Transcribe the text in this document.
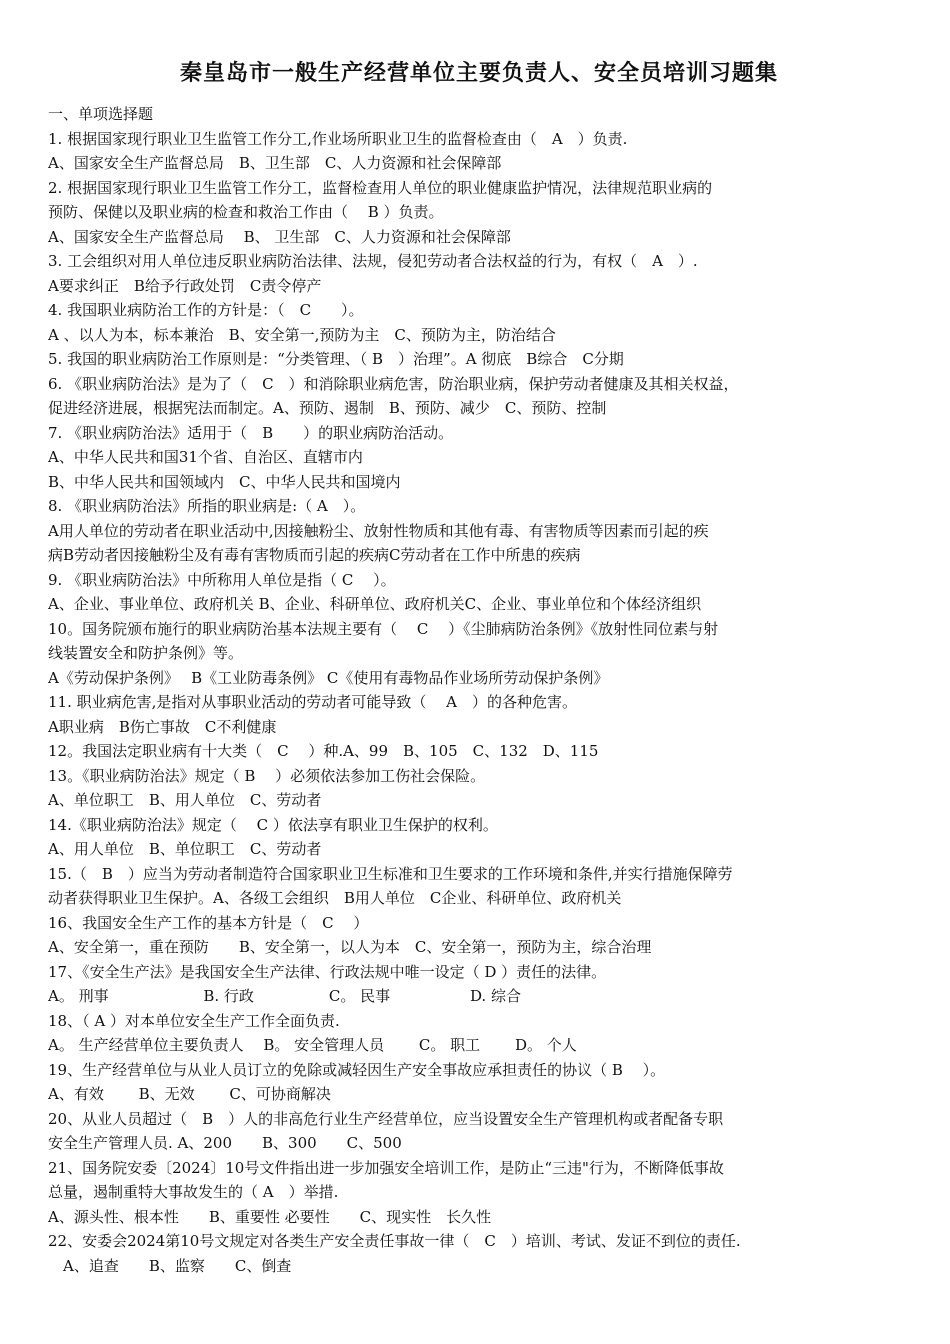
秦皇岛市一般生产经营单位主要负责人、安全员培训习题集
一、单项选择题
1. 根据国家现行职业卫生监管工作分工,作业场所职业卫生的监督检查由（　A　）负责.
A、国家安全生产监督总局　B、卫生部　C、人力资源和社会保障部
2. 根据国家现行职业卫生监管工作分工，监督检查用人单位的职业健康监护情况，法律规范职业病的
预防、保健以及职业病的检查和救治工作由（　 B ）负责。
A、国家安全生产监督总局　 B、 卫生部　C、人力资源和社会保障部
3. 工会组织对用人单位违反职业病防治法律、法规，侵犯劳动者合法权益的行为，有权（　A　）.
A要求纠正　B给予行政处罚　C责令停产
4. 我国职业病防治工作的方针是：（　C　　）。
A 、以人为本，标本兼治　B、安全第一,预防为主　C、预防为主，防治结合
5. 我国的职业病防治工作原则是：“分类管理、（ B　）治理”。A 彻底　B综合　C分期
6. 《职业病防治法》是为了（　C　）和消除职业病危害，防治职业病，保护劳动者健康及其相关权益，
促进经济进展，根据宪法而制定。A、预防、遏制　B、预防、减少　C、预防、控制
7. 《职业病防治法》适用于（　B　　）的职业病防治活动。
A、中华人民共和国31个省、自治区、直辖市内
B、中华人民共和国领域内　C、中华人民共和国境内
8. 《职业病防治法》所指的职业病是:（ A　）。
A用人单位的劳动者在职业活动中,因接触粉尘、放射性物质和其他有毒、有害物质等因素而引起的疾
病B劳动者因接触粉尘及有毒有害物质而引起的疾病C劳动者在工作中所患的疾病
9. 《职业病防治法》中所称用人单位是指（ C　 ）。
A、企业、事业单位、政府机关 B、企业、科研单位、政府机关C、企业、事业单位和个体经济组织
10。国务院颁布施行的职业病防治基本法规主要有（　 C　 ）《尘肺病防治条例》《放射性同位素与射
线装置安全和防护条例》等。
A《劳动保护条例》　 B《工业防毒条例》 C《使用有毒物品作业场所劳动保护条例》
11. 职业病危害,是指对从事职业活动的劳动者可能导致（　 A　）的各种危害。
A职业病　B伤亡事故　C不利健康
12。我国法定职业病有十大类（　C　 ）种.A、99　B、105　C、132　D、115
13。《职业病防治法》规定（ B　 ）必须依法参加工伤社会保险。
A、单位职工　B、用人单位　C、劳动者
14.《职业病防治法》规定（　 C ）依法享有职业卫生保护的权利。
A、用人单位　B、单位职工　C、劳动者
15.（　B　）应当为劳动者制造符合国家职业卫生标准和卫生要求的工作环境和条件,并实行措施保障劳
动者获得职业卫生保护。A、各级工会组织　B用人单位　C企业、科研单位、政府机关
16、我国安全生产工作的基本方针是（　C　 ）
A、安全第一，重在预防　　B、安全第一，以人为本　C、安全第一，预防为主，综合治理
17、《安全生产法》是我国安全生产法律、行政法规中唯一设定（ D ）责任的法律。
A。 刑事　　　　　　 B. 行政　　　　　C。 民事　　　　　 D. 综合
18、（ A ）对本单位安全生产工作全面负责.
A。 生产经营单位主要负责人　 B。 安全管理人员　　 C。 职工　　 D。 个人
19、生产经营单位与从业人员订立的免除或减轻因生产安全事故应承担责任的协议（ B　 ）。
A、有效　　 B、无效　　 C、可协商解决
20、从业人员超过（　B　）人的非高危行业生产经营单位，应当设置安全生产管理机构或者配备专职
安全生产管理人员. A、200　　B、300　　C、500
21、国务院安委〔2024〕10号文件指出进一步加强安全培训工作，是防止“三违"行为，不断降低事故
总量，遏制重特大事故发生的（ A　）举措.
A、源头性、根本性　　B、重要性 必要性　　C、现实性　长久性
22、安委会2024第10号文规定对各类生产安全责任事故一律（　C　）培训、考试、发证不到位的责任.
　A、追查　　B、监察　　C、倒查
